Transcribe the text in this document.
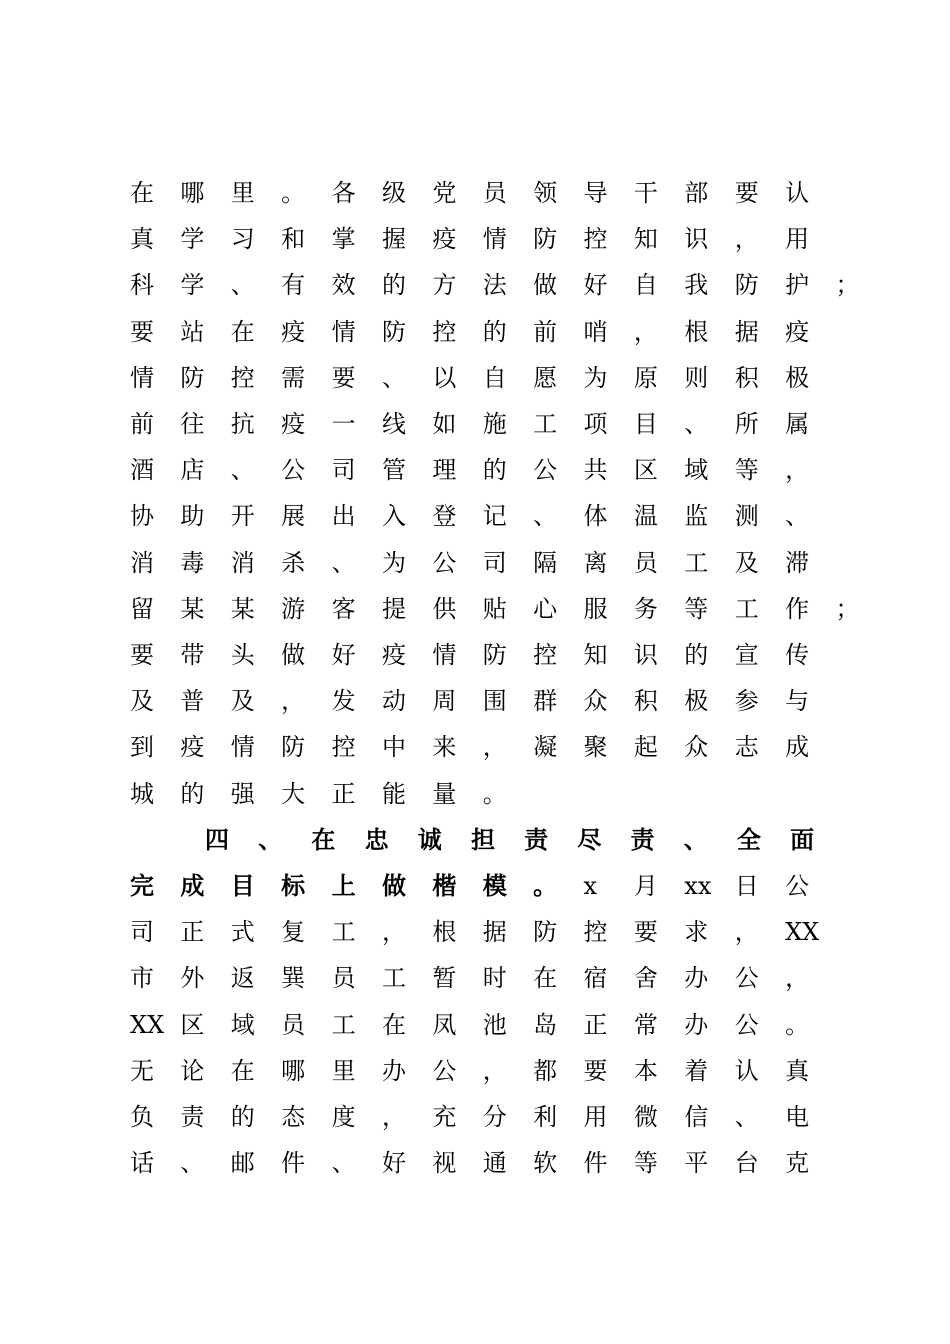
在	哪	里	。	各	级	党	员	领	导	干	部	要	认
真	学	习	和	掌	握	疫	情	防	控	知	识	，	用
科	学	、	有	效	的	方	法	做	好	自	我	防	护	；
要	站	在	疫	情	防	控	的	前	哨	，	根	据	疫
情	防	控	需	要	、	以	自	愿	为	原	则	积	极
前	往	抗	疫	一	线	如	施	工	项	目	、	所	属
酒	店	、	公	司	管	理	的	公	共	区	域	等	，
协	助	开	展	出	入	登	记	、	体	温	监	测	、
消	毒	消	杀	、	为	公	司	隔	离	员	工	及	滞
留	某	某	游	客	提	供	贴	心	服	务	等	工	作	；
要	带	头	做	好	疫	情	防	控	知	识	的	宣	传
及	普	及	，	发	动	周	围	群	众	积	极	参	与
到	疫	情	防	控	中	来	，	凝	聚	起	众	志	成
城	的	强	大	正	能	量	。
四	、	在	忠	诚	担	责	尽	责	、	全	面
完	成	目	标	上	做	楷	模	。	x	月	xx 日	公
司	正	式	复	工	，	根	据	防	控	要	求	，	XX
市	外	返	巽	员	工	暂	时	在	宿	舍	办	公	，
XX 区	域	员	工	在	凤	池	岛	正	常	办	公	。
无	论	在	哪	里	办	公	，	都	要	本	着	认	真
负	责	的	态	度	，	充	分	利	用	微	信	、	电
话	、	邮	件	、	好	视	通	软	件	等	平	台	克
